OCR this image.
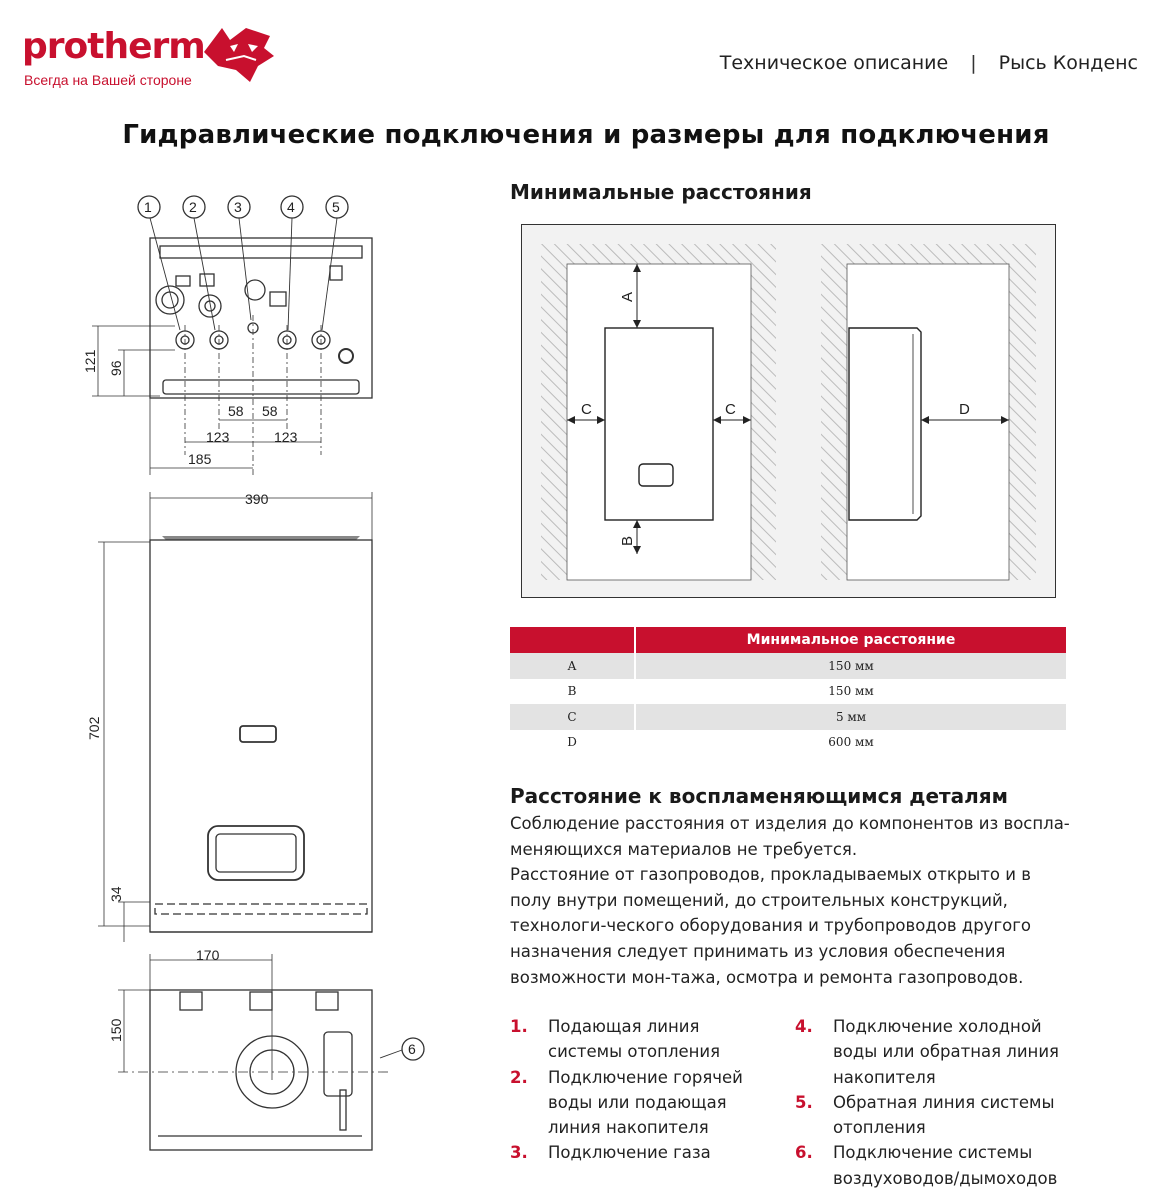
protherm
Всегда на Вашей стороне
Техническое описание | Рысь Конденс
Гидравлические подключения и размеры для подключения
1	2	3	4	5
6
121 96
58 58
123	123
185
390
702
34
170
150
Минимальные расстояния
A
B
C	C	D
	Минимальное расстояние
A	150 мм
B	150 мм
C	5 мм
D	600 мм
Расстояние к воспламеняющимся деталям
Соблюдение расстояния от изделия до компонентов из воспла-меняющихся материалов не требуется.
Расстояние от газопроводов, прокладываемых открыто и в полу внутри помещений, до строительных конструкций, технологи-ческого оборудования и трубопроводов другого назначения следует принимать из условия обеспечения возможности мон-тажа, осмотра и ремонта газопроводов.
1.	Подающая линия
системы отопления
2.	Подключение горячей
воды или подающая
линия накопителя
3.	Подключение газа
4.	Подключение холодной
воды или обратная линия
накопителя
5.	Обратная линия системы
отопления
6.	Подключение системы
воздуховодов/дымоходов
